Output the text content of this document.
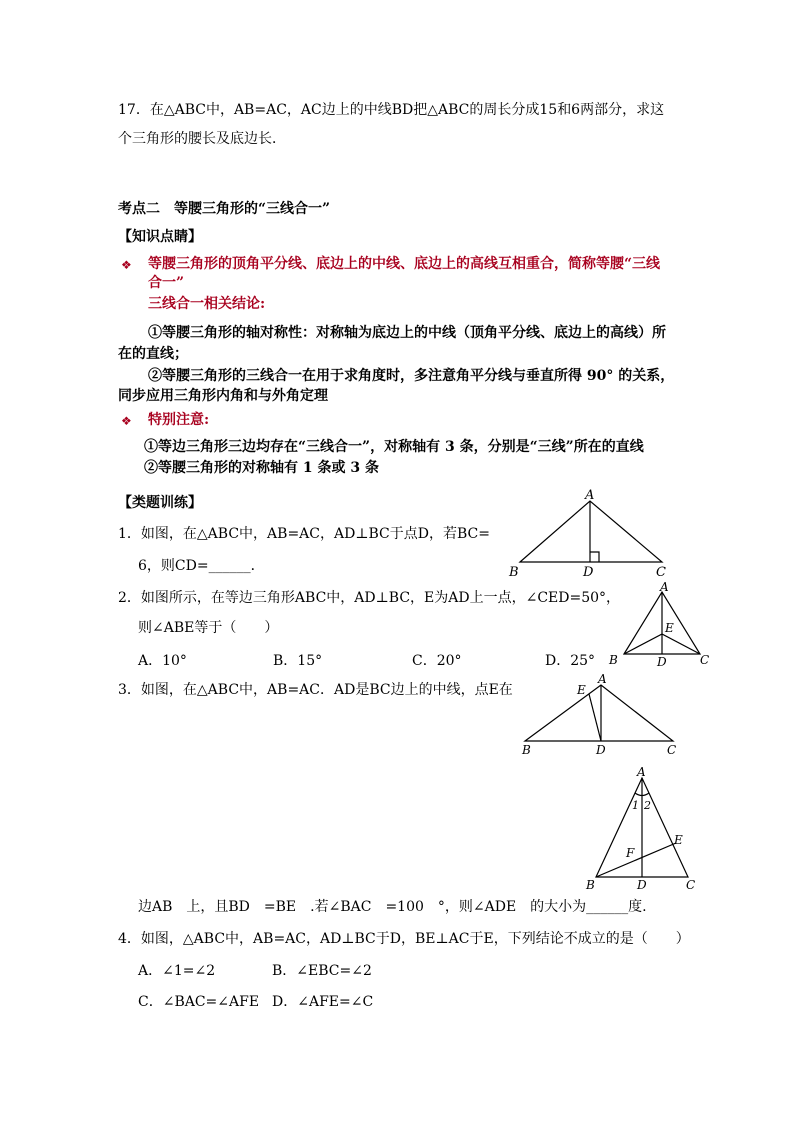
17．在△ABC中，AB=AC，AC边上的中线BD把△ABC的周长分成15和6两部分，求这
个三角形的腰长及底边长．
考点二　等腰三角形的“三线合一”
【知识点睛】
❖ 等腰三角形的顶角平分线、底边上的中线、底边上的高线互相重合，简称等腰“三线
合一”
三线合一相关结论:
①等腰三角形的轴对称性：对称轴为底边上的中线（顶角平分线、底边上的高线）所
在的直线；
②等腰三角形的三线合一在用于求角度时，多注意角平分线与垂直所得 90° 的关系，
同步应用三角形内角和与外角定理
❖ 特别注意:
①等边三角形三边均存在“三线合一”，对称轴有 3 条，分别是“三线”所在的直线
②等腰三角形的对称轴有 1 条或 3 条
【类题训练】
1．如图，在△ABC中，AB=AC，AD⊥BC于点D，若BC=
6，则CD=______．
A
B	D	C
2．如图所示，在等边三角形ABC中，AD⊥BC，E为AD上一点，∠CED=50°，
则∠ABE等于（　　）
A．10°	B．15°	C．20°	D．25°
A
E
B	D	C
3．如图，在△ABC中，AB=AC．AD是BC边上的中线，点E在
A
E
B	D	C
A
1 2
F
E
B	D	C
边AB　上，且BD　=BE　.若∠BAC　=100　°，则∠ADE　的大小为______度.
4．如图，△ABC中，AB=AC，AD⊥BC于D，BE⊥AC于E，下列结论不成立的是（　　）
A．∠1=∠2	B．∠EBC=∠2
C．∠BAC=∠AFE D．∠AFE=∠C
